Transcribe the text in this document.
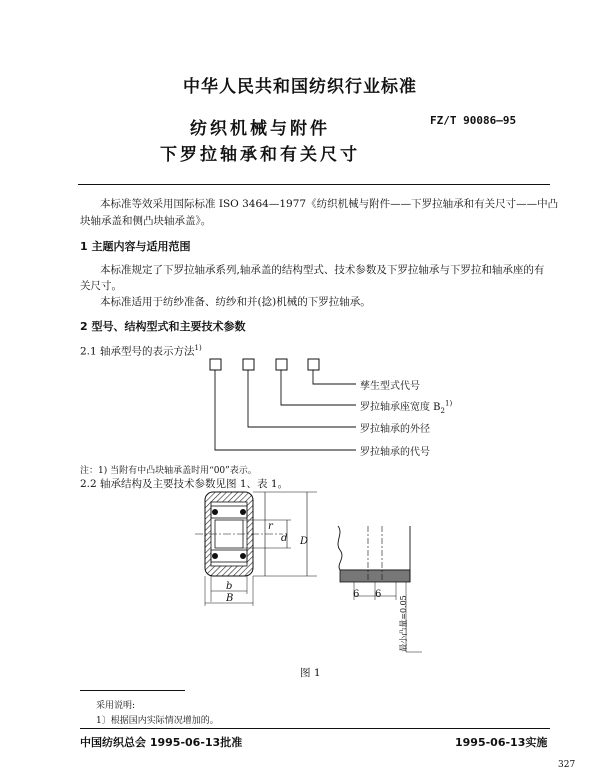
中华人民共和国纺织行业标准
纺织机械与附件
下罗拉轴承和有关尺寸
FZ/T 90086—95
本标准等效采用国际标准 ISO 3464—1977《纺织机械与附件——下罗拉轴承和有关尺寸——中凸
块轴承盖和侧凸块轴承盖》。
1 主题内容与适用范围
本标准规定了下罗拉轴承系列,轴承盖的结构型式、技术参数及下罗拉轴承与下罗拉和轴承座的有
关尺寸。
本标准适用于纺纱准备、纺纱和并(捻)机械的下罗拉轴承。
2 型号、结构型式和主要技术参数
2.1 轴承型号的表示方法$^{1)}$
孳生型式代号
罗拉轴承座宽度 $B_2^{1)}$
罗拉轴承的外径
罗拉轴承的代号
注：1) 当附有中凸块轴承盖时用“00”表示。
2.2 轴承结构及主要技术参数见图 1、表 1。
r
d D
b
B	6 6
最小凸量=0.05
图 1
采用说明:
1〕根据国内实际情况增加的。
中国纺织总会 1995-06-13批准	1995-06-13实施
327
